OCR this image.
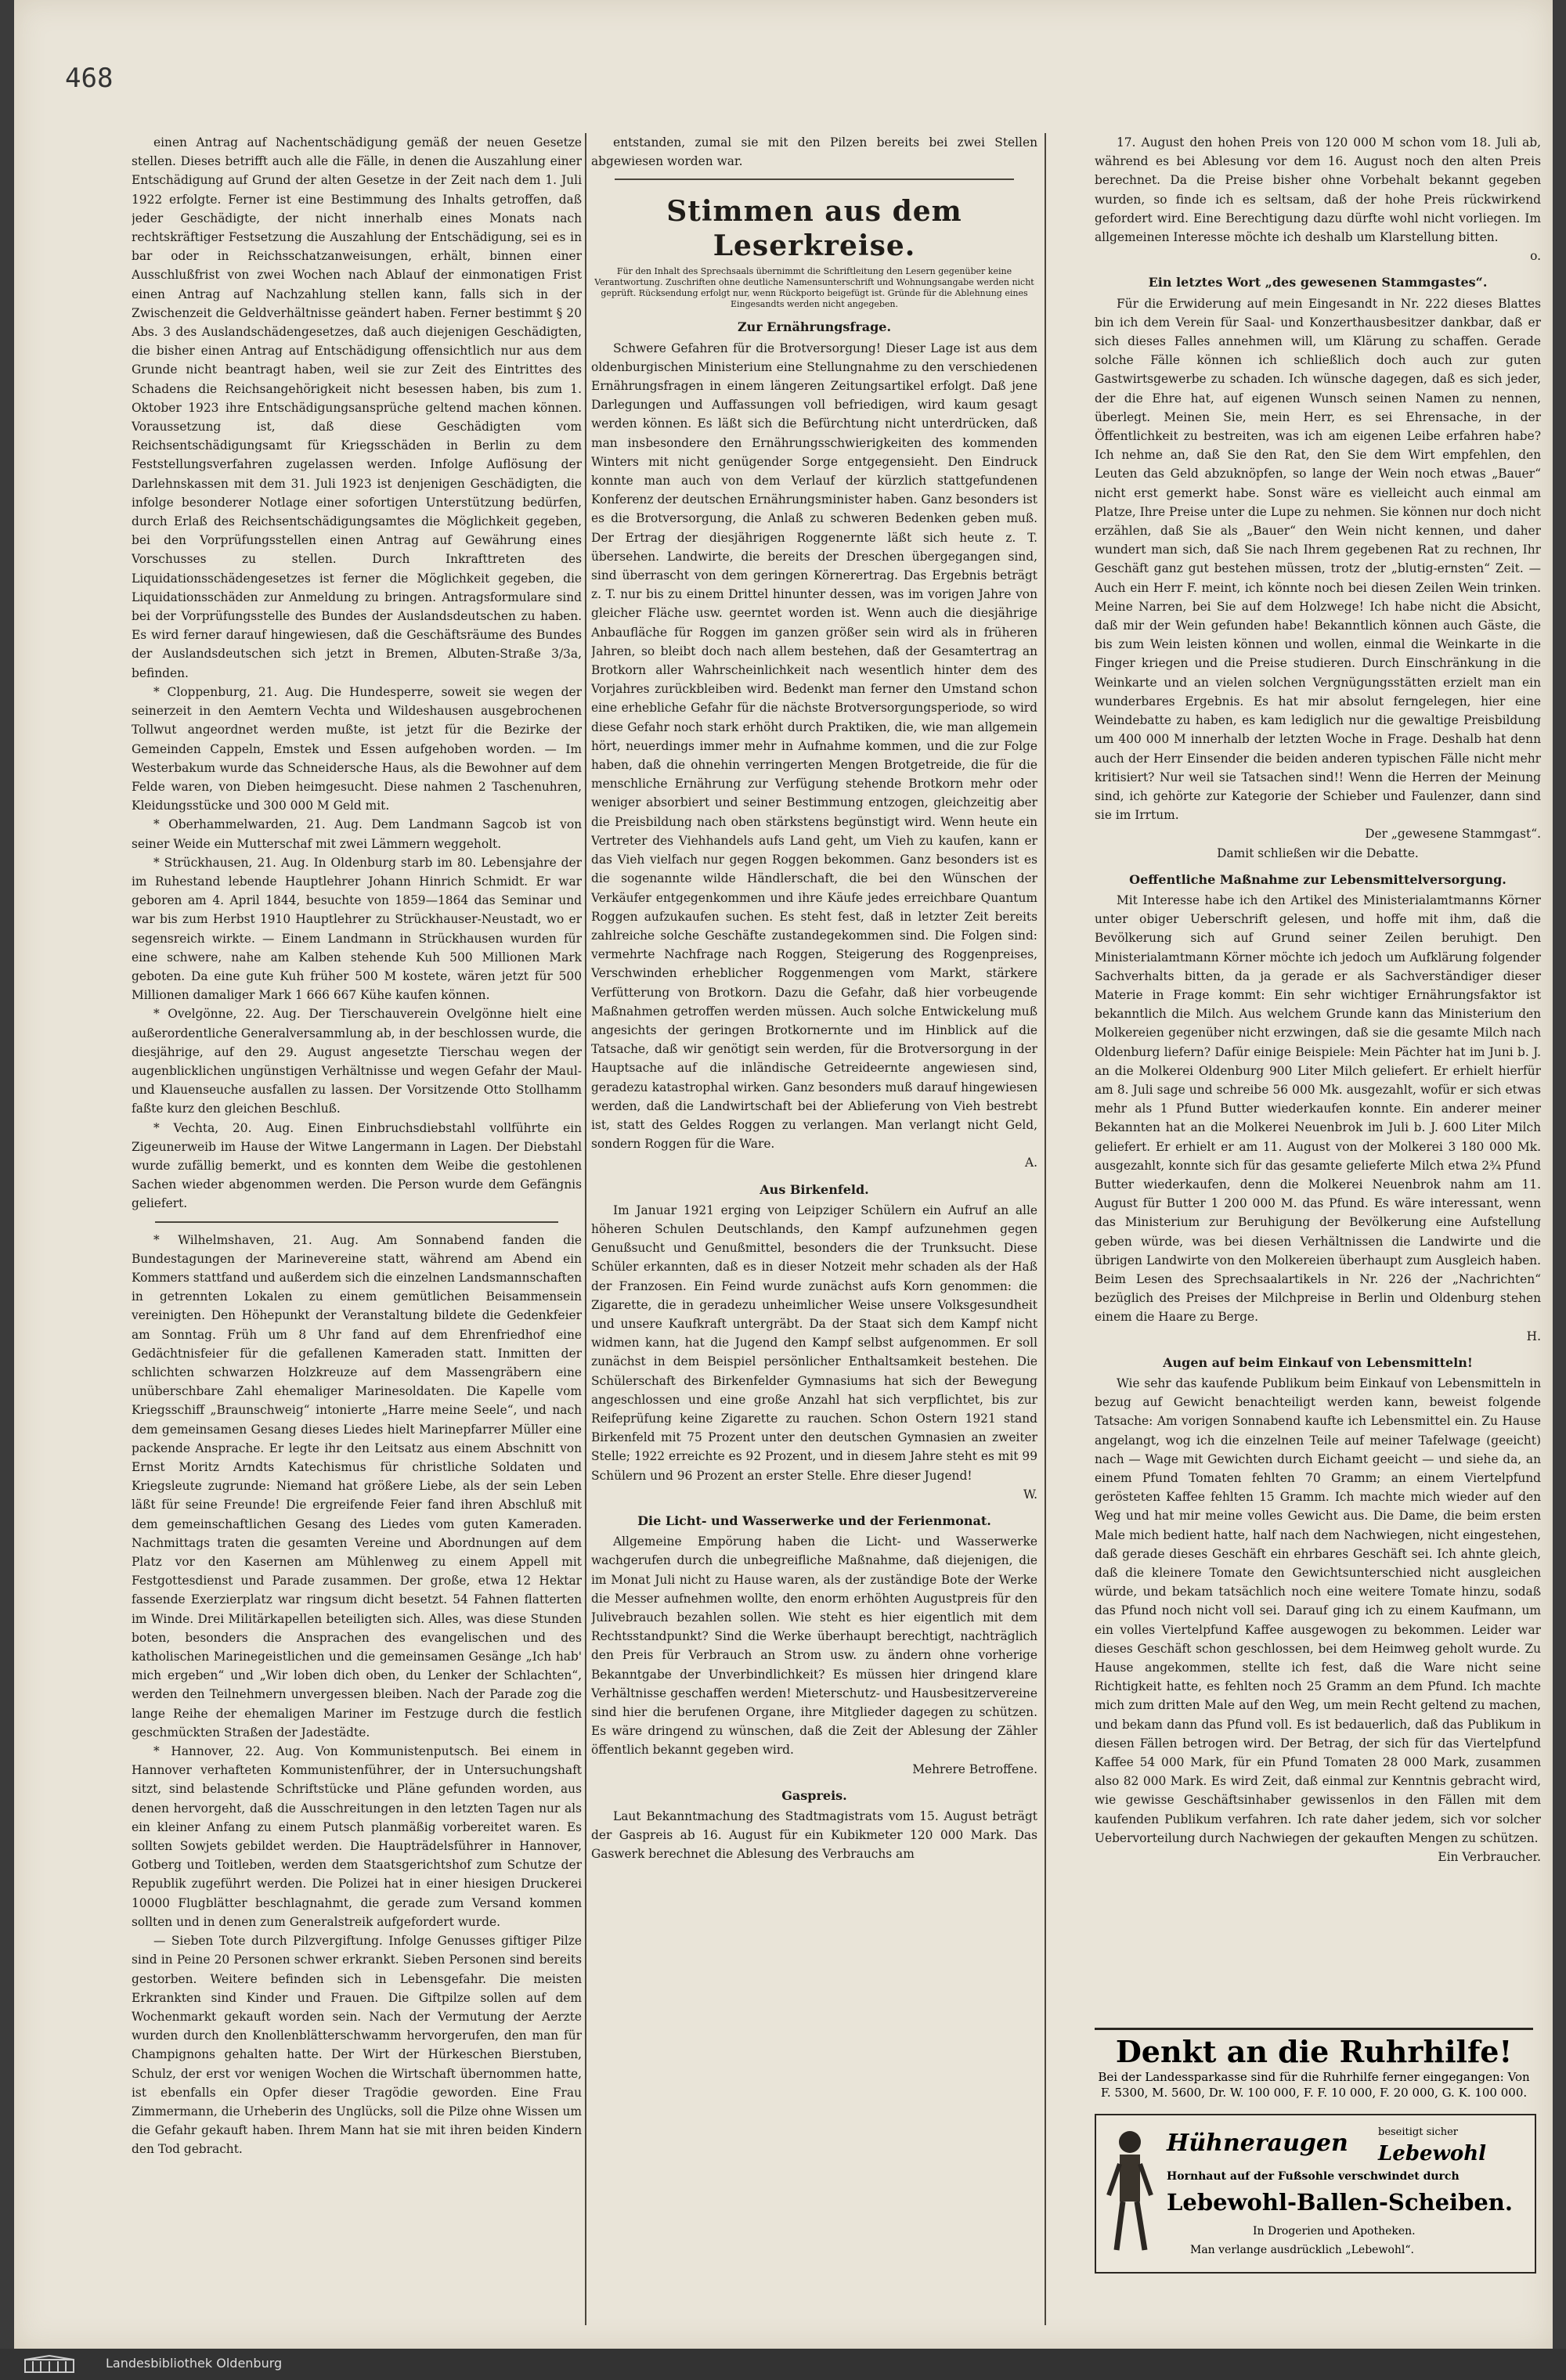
468

einen Antrag auf Nachentschädigung gemäß der neuen Gesetze stellen. Dieses betrifft auch alle die Fälle, in denen die Auszahlung einer Entschädigung auf Grund der alten Gesetze in der Zeit nach dem 1. Juli 1922 erfolgte. Ferner ist eine Bestimmung des Inhalts getroffen, daß jeder Geschädigte, der nicht innerhalb eines Monats nach rechtskräftiger Festsetzung die Auszahlung der Entschädigung, sei es in bar oder in Reichsschatzanweisungen, erhält, binnen einer Ausschlußfrist von zwei Wochen nach Ablauf der einmonatigen Frist einen Antrag auf Nachzahlung stellen kann, falls sich in der Zwischenzeit die Geldverhältnisse geändert haben. Ferner bestimmt § 20 Abs. 3 des Auslandschädengesetzes, daß auch diejenigen Geschädigten, die bisher einen Antrag auf Entschädigung offensichtlich nur aus dem Grunde nicht beantragt haben, weil sie zur Zeit des Eintrittes des Schadens die Reichsangehörigkeit nicht besessen haben, bis zum 1. Oktober 1923 ihre Entschädigungsansprüche geltend machen können. Voraussetzung ist, daß diese Geschädigten vom Reichsentschädigungsamt für Kriegsschäden in Berlin zu dem Feststellungsverfahren zugelassen werden. Infolge Auflösung der Darlehnskassen mit dem 31. Juli 1923 ist denjenigen Geschädigten, die infolge besonderer Notlage einer sofortigen Unterstützung bedürfen, durch Erlaß des Reichsentschädigungsamtes die Möglichkeit gegeben, bei den Vorprüfungsstellen einen Antrag auf Gewährung eines Vorschusses zu stellen. Durch Inkrafttreten des Liquidationsschädengesetzes ist ferner die Möglichkeit gegeben, die Liquidationsschäden zur Anmeldung zu bringen. Antragsformulare sind bei der Vorprüfungsstelle des Bundes der Auslandsdeutschen zu haben. Es wird ferner darauf hingewiesen, daß die Geschäftsräume des Bundes der Auslandsdeutschen sich jetzt in Bremen, Albuten-Straße 3/3a, befinden.

* Cloppenburg, 21. Aug. Die Hundesperre, soweit sie wegen der seinerzeit in den Aemtern Vechta und Wildeshausen ausgebrochenen Tollwut angeordnet werden mußte, ist jetzt für die Bezirke der Gemeinden Cappeln, Emstek und Essen aufgehoben worden. — Im Westerbakum wurde das Schneidersche Haus, als die Bewohner auf dem Felde waren, von Dieben heimgesucht. Diese nahmen 2 Taschenuhren, Kleidungsstücke und 300 000 M Geld mit.

* Oberhammelwarden, 21. Aug. Dem Landmann Sagcob ist von seiner Weide ein Mutterschaf mit zwei Lämmern weggeholt.

* Strückhausen, 21. Aug. In Oldenburg starb im 80. Lebensjahre der im Ruhestand lebende Hauptlehrer Johann Hinrich Schmidt. Er war geboren am 4. April 1844, besuchte von 1859—1864 das Seminar und war bis zum Herbst 1910 Hauptlehrer zu Strückhauser-Neustadt, wo er segensreich wirkte. — Einem Landmann in Strückhausen wurden für eine schwere, nahe am Kalben stehende Kuh 500 Millionen Mark geboten. Da eine gute Kuh früher 500 M kostete, wären jetzt für 500 Millionen damaliger Mark 1 666 667 Kühe kaufen können.

* Ovelgönne, 22. Aug. Der Tierschauverein Ovelgönne hielt eine außerordentliche Generalversammlung ab, in der beschlossen wurde, die diesjährige, auf den 29. August angesetzte Tierschau wegen der augenblicklichen ungünstigen Verhältnisse und wegen Gefahr der Maul- und Klauenseuche ausfallen zu lassen. Der Vorsitzende Otto Stollhamm faßte kurz den gleichen Beschluß.

* Vechta, 20. Aug. Einen Einbruchsdiebstahl vollführte ein Zigeunerweib im Hause der Witwe Langermann in Lagen. Der Diebstahl wurde zufällig bemerkt, und es konnten dem Weibe die gestohlenen Sachen wieder abgenommen werden. Die Person wurde dem Gefängnis geliefert.

* Wilhelmshaven, 21. Aug. Am Sonnabend fanden die Bundestagungen der Marinevereine statt, während am Abend ein Kommers stattfand und außerdem sich die einzelnen Landsmannschaften in getrennten Lokalen zu einem gemütlichen Beisammensein vereinigten. Den Höhepunkt der Veranstaltung bildete die Gedenkfeier am Sonntag. Früh um 8 Uhr fand auf dem Ehrenfriedhof eine Gedächtnisfeier für die gefallenen Kameraden statt. Inmitten der schlichten schwarzen Holzkreuze auf dem Massengräbern eine unüberschbare Zahl ehemaliger Marinesoldaten. Die Kapelle vom Kriegsschiff „Braunschweig“ intonierte „Harre meine Seele“, und nach dem gemeinsamen Gesang dieses Liedes hielt Marinepfarrer Müller eine packende Ansprache. Er legte ihr den Leitsatz aus einem Abschnitt von Ernst Moritz Arndts Katechismus für christliche Soldaten und Kriegsleute zugrunde: Niemand hat größere Liebe, als der sein Leben läßt für seine Freunde! Die ergreifende Feier fand ihren Abschluß mit dem gemeinschaftlichen Gesang des Liedes vom guten Kameraden. Nachmittags traten die gesamten Vereine und Abordnungen auf dem Platz vor den Kasernen am Mühlenweg zu einem Appell mit Festgottesdienst und Parade zusammen. Der große, etwa 12 Hektar fassende Exerzierplatz war ringsum dicht besetzt. 54 Fahnen flatterten im Winde. Drei Militärkapellen beteiligten sich. Alles, was diese Stunden boten, besonders die Ansprachen des evangelischen und des katholischen Marinegeistlichen und die gemeinsamen Gesänge „Ich hab' mich ergeben“ und „Wir loben dich oben, du Lenker der Schlachten“, werden den Teilnehmern unvergessen bleiben. Nach der Parade zog die lange Reihe der ehemaligen Mariner im Festzuge durch die festlich geschmückten Straßen der Jadestädte.

* Hannover, 22. Aug. Von Kommunistenputsch. Bei einem in Hannover verhafteten Kommunistenführer, der in Untersuchungshaft sitzt, sind belastende Schriftstücke und Pläne gefunden worden, aus denen hervorgeht, daß die Ausschreitungen in den letzten Tagen nur als ein kleiner Anfang zu einem Putsch planmäßig vorbereitet waren. Es sollten Sowjets gebildet werden. Die Haupträdelsführer in Hannover, Gotberg und Toitleben, werden dem Staatsgerichtshof zum Schutze der Republik zugeführt werden. Die Polizei hat in einer hiesigen Druckerei 10000 Flugblätter beschlagnahmt, die gerade zum Versand kommen sollten und in denen zum Generalstreik aufgefordert wurde.

— Sieben Tote durch Pilzvergiftung. Infolge Genusses giftiger Pilze sind in Peine 20 Personen schwer erkrankt. Sieben Personen sind bereits gestorben. Weitere befinden sich in Lebensgefahr. Die meisten Erkrankten sind Kinder und Frauen. Die Giftpilze sollen auf dem Wochenmarkt gekauft worden sein. Nach der Vermutung der Aerzte wurden durch den Knollenblätterschwamm hervorgerufen, den man für Champignons gehalten hatte. Der Wirt der Hürkeschen Bierstuben, Schulz, der erst vor wenigen Wochen die Wirtschaft übernommen hatte, ist ebenfalls ein Opfer dieser Tragödie geworden. Eine Frau Zimmermann, die Urheberin des Unglücks, soll die Pilze ohne Wissen um die Gefahr gekauft haben. Ihrem Mann hat sie mit ihren beiden Kindern den Tod gebracht.

entstanden, zumal sie mit den Pilzen bereits bei zwei Stellen abgewiesen worden war.

Stimmen aus dem Leserkreise.
Für den Inhalt des Sprechsaals übernimmt die Schriftleitung den Lesern gegenüber keine Verantwortung. Zuschriften ohne deutliche Namensunterschrift und Wohnungsangabe werden nicht geprüft. Rücksendung erfolgt nur, wenn Rückporto beigefügt ist. Gründe für die Ablehnung eines Eingesandts werden nicht angegeben.
Zur Ernährungsfrage.

Schwere Gefahren für die Brotversorgung! Dieser Lage ist aus dem oldenburgischen Ministerium eine Stellungnahme zu den verschiedenen Ernährungsfragen in einem längeren Zeitungsartikel erfolgt. Daß jene Darlegungen und Auffassungen voll befriedigen, wird kaum gesagt werden können. Es läßt sich die Befürchtung nicht unterdrücken, daß man insbesondere den Ernährungsschwierigkeiten des kommenden Winters mit nicht genügender Sorge entgegensieht. Den Eindruck konnte man auch von dem Verlauf der kürzlich stattgefundenen Konferenz der deutschen Ernährungsminister haben. Ganz besonders ist es die Brotversorgung, die Anlaß zu schweren Bedenken geben muß. Der Ertrag der diesjährigen Roggenernte läßt sich heute z. T. übersehen. Landwirte, die bereits der Dreschen übergegangen sind, sind überrascht von dem geringen Körnerertrag. Das Ergebnis beträgt z. T. nur bis zu einem Drittel hinunter dessen, was im vorigen Jahre von gleicher Fläche usw. geerntet worden ist. Wenn auch die diesjährige Anbaufläche für Roggen im ganzen größer sein wird als in früheren Jahren, so bleibt doch nach allem bestehen, daß der Gesamtertrag an Brotkorn aller Wahrscheinlichkeit nach wesentlich hinter dem des Vorjahres zurückbleiben wird. Bedenkt man ferner den Umstand schon eine erhebliche Gefahr für die nächste Brotversorgungsperiode, so wird diese Gefahr noch stark erhöht durch Praktiken, die, wie man allgemein hört, neuerdings immer mehr in Aufnahme kommen, und die zur Folge haben, daß die ohnehin verringerten Mengen Brotgetreide, die für die menschliche Ernährung zur Verfügung stehende Brotkorn mehr oder weniger absorbiert und seiner Bestimmung entzogen, gleichzeitig aber die Preisbildung nach oben stärkstens begünstigt wird. Wenn heute ein Vertreter des Viehhandels aufs Land geht, um Vieh zu kaufen, kann er das Vieh vielfach nur gegen Roggen bekommen. Ganz besonders ist es die sogenannte wilde Händlerschaft, die bei den Wünschen der Verkäufer entgegenkommen und ihre Käufe jedes erreichbare Quantum Roggen aufzukaufen suchen. Es steht fest, daß in letzter Zeit bereits zahlreiche solche Geschäfte zustandegekommen sind. Die Folgen sind: vermehrte Nachfrage nach Roggen, Steigerung des Roggenpreises, Verschwinden erheblicher Roggenmengen vom Markt, stärkere Verfütterung von Brotkorn. Dazu die Gefahr, daß hier vorbeugende Maßnahmen getroffen werden müssen. Auch solche Entwickelung muß angesichts der geringen Brotkornernte und im Hinblick auf die Tatsache, daß wir genötigt sein werden, für die Brotversorgung in der Hauptsache auf die inländische Getreideernte angewiesen sind, geradezu katastrophal wirken. Ganz besonders muß darauf hingewiesen werden, daß die Landwirtschaft bei der Ablieferung von Vieh bestrebt ist, statt des Geldes Roggen zu verlangen. Man verlangt nicht Geld, sondern Roggen für die Ware.

A.
Aus Birkenfeld.

Im Januar 1921 erging von Leipziger Schülern ein Aufruf an alle höheren Schulen Deutschlands, den Kampf aufzunehmen gegen Genußsucht und Genußmittel, besonders die der Trunksucht. Diese Schüler erkannten, daß es in dieser Notzeit mehr schaden als der Haß der Franzosen. Ein Feind wurde zunächst aufs Korn genommen: die Zigarette, die in geradezu unheimlicher Weise unsere Volksgesundheit und unsere Kaufkraft untergräbt. Da der Staat sich dem Kampf nicht widmen kann, hat die Jugend den Kampf selbst aufgenommen. Er soll zunächst in dem Beispiel persönlicher Enthaltsamkeit bestehen. Die Schülerschaft des Birkenfelder Gymnasiums hat sich der Bewegung angeschlossen und eine große Anzahl hat sich verpflichtet, bis zur Reifeprüfung keine Zigarette zu rauchen. Schon Ostern 1921 stand Birkenfeld mit 75 Prozent unter den deutschen Gymnasien an zweiter Stelle; 1922 erreichte es 92 Prozent, und in diesem Jahre steht es mit 99 Schülern und 96 Prozent an erster Stelle. Ehre dieser Jugend!

W.
Die Licht- und Wasserwerke und der Ferienmonat.

Allgemeine Empörung haben die Licht- und Wasserwerke wachgerufen durch die unbegreifliche Maßnahme, daß diejenigen, die im Monat Juli nicht zu Hause waren, als der zuständige Bote der Werke die Messer aufnehmen wollte, den enorm erhöhten Augustpreis für den Julivebrauch bezahlen sollen. Wie steht es hier eigentlich mit dem Rechtsstandpunkt? Sind die Werke überhaupt berechtigt, nachträglich den Preis für Verbrauch an Strom usw. zu ändern ohne vorherige Bekanntgabe der Unverbindlichkeit? Es müssen hier dringend klare Verhältnisse geschaffen werden! Mieterschutz- und Hausbesitzervereine sind hier die berufenen Organe, ihre Mitglieder dagegen zu schützen. Es wäre dringend zu wünschen, daß die Zeit der Ablesung der Zähler öffentlich bekannt gegeben wird.

Mehrere Betroffene.
Gaspreis.

Laut Bekanntmachung des Stadtmagistrats vom 15. August beträgt der Gaspreis ab 16. August für ein Kubikmeter 120 000 Mark. Das Gaswerk berechnet die Ablesung des Verbrauchs am

17. August den hohen Preis von 120 000 M schon vom 18. Juli ab, während es bei Ablesung vor dem 16. August noch den alten Preis berechnet. Da die Preise bisher ohne Vorbehalt bekannt gegeben wurden, so finde ich es seltsam, daß der hohe Preis rückwirkend gefordert wird. Eine Berechtigung dazu dürfte wohl nicht vorliegen. Im allgemeinen Interesse möchte ich deshalb um Klarstellung bitten.

o.
Ein letztes Wort „des gewesenen Stammgastes“.

Für die Erwiderung auf mein Eingesandt in Nr. 222 dieses Blattes bin ich dem Verein für Saal- und Konzerthausbesitzer dankbar, daß er sich dieses Falles annehmen will, um Klärung zu schaffen. Gerade solche Fälle können ich schließlich doch auch zur guten Gastwirtsgewerbe zu schaden. Ich wünsche dagegen, daß es sich jeder, der die Ehre hat, auf eigenen Wunsch seinen Namen zu nennen, überlegt. Meinen Sie, mein Herr, es sei Ehrensache, in der Öffentlichkeit zu bestreiten, was ich am eigenen Leibe erfahren habe? Ich nehme an, daß Sie den Rat, den Sie dem Wirt empfehlen, den Leuten das Geld abzuknöpfen, so lange der Wein noch etwas „Bauer“ nicht erst gemerkt habe. Sonst wäre es vielleicht auch einmal am Platze, Ihre Preise unter die Lupe zu nehmen. Sie können nur doch nicht erzählen, daß Sie als „Bauer“ den Wein nicht kennen, und daher wundert man sich, daß Sie nach Ihrem gegebenen Rat zu rechnen, Ihr Geschäft ganz gut bestehen müssen, trotz der „blutig-ernsten“ Zeit. — Auch ein Herr F. meint, ich könnte noch bei diesen Zeilen Wein trinken. Meine Narren, bei Sie auf dem Holzwege! Ich habe nicht die Absicht, daß mir der Wein gefunden habe! Bekanntlich können auch Gäste, die bis zum Wein leisten können und wollen, einmal die Weinkarte in die Finger kriegen und die Preise studieren. Durch Einschränkung in die Weinkarte und an vielen solchen Vergnügungsstätten erzielt man ein wunderbares Ergebnis. Es hat mir absolut ferngelegen, hier eine Weindebatte zu haben, es kam lediglich nur die gewaltige Preisbildung um 400 000 M innerhalb der letzten Woche in Frage. Deshalb hat denn auch der Herr Einsender die beiden anderen typischen Fälle nicht mehr kritisiert? Nur weil sie Tatsachen sind!! Wenn die Herren der Meinung sind, ich gehörte zur Kategorie der Schieber und Faulenzer, dann sind sie im Irrtum.

Der „gewesene Stammgast“.
Damit schließen wir die Debatte.
Oeffentliche Maßnahme zur Lebensmittelversorgung.

Mit Interesse habe ich den Artikel des Ministerialamtmanns Körner unter obiger Ueberschrift gelesen, und hoffe mit ihm, daß die Bevölkerung sich auf Grund seiner Zeilen beruhigt. Den Ministerialamtmann Körner möchte ich jedoch um Aufklärung folgender Sachverhalts bitten, da ja gerade er als Sachverständiger dieser Materie in Frage kommt: Ein sehr wichtiger Ernährungsfaktor ist bekanntlich die Milch. Aus welchem Grunde kann das Ministerium den Molkereien gegenüber nicht erzwingen, daß sie die gesamte Milch nach Oldenburg liefern? Dafür einige Beispiele: Mein Pächter hat im Juni b. J. an die Molkerei Oldenburg 900 Liter Milch geliefert. Er erhielt hierfür am 8. Juli sage und schreibe 56 000 Mk. ausgezahlt, wofür er sich etwas mehr als 1 Pfund Butter wiederkaufen konnte. Ein anderer meiner Bekannten hat an die Molkerei Neuenbrok im Juli b. J. 600 Liter Milch geliefert. Er erhielt er am 11. August von der Molkerei 3 180 000 Mk. ausgezahlt, konnte sich für das gesamte gelieferte Milch etwa 2¾ Pfund Butter wiederkaufen, denn die Molkerei Neuenbrok nahm am 11. August für Butter 1 200 000 M. das Pfund. Es wäre interessant, wenn das Ministerium zur Beruhigung der Bevölkerung eine Aufstellung geben würde, was bei diesen Verhältnissen die Landwirte und die übrigen Landwirte von den Molkereien überhaupt zum Ausgleich haben. Beim Lesen des Sprechsaalartikels in Nr. 226 der „Nachrichten“ bezüglich des Preises der Milchpreise in Berlin und Oldenburg stehen einem die Haare zu Berge.

H.
Augen auf beim Einkauf von Lebensmitteln!

Wie sehr das kaufende Publikum beim Einkauf von Lebensmitteln in bezug auf Gewicht benachteiligt werden kann, beweist folgende Tatsache: Am vorigen Sonnabend kaufte ich Lebensmittel ein. Zu Hause angelangt, wog ich die einzelnen Teile auf meiner Tafelwage (geeicht) nach — Wage mit Gewichten durch Eichamt geeicht — und siehe da, an einem Pfund Tomaten fehlten 70 Gramm; an einem Viertelpfund gerösteten Kaffee fehlten 15 Gramm. Ich machte mich wieder auf den Weg und hat mir meine volles Gewicht aus. Die Dame, die beim ersten Male mich bedient hatte, half nach dem Nachwiegen, nicht eingestehen, daß gerade dieses Geschäft ein ehrbares Geschäft sei. Ich ahnte gleich, daß die kleinere Tomate den Gewichtsunterschied nicht ausgleichen würde, und bekam tatsächlich noch eine weitere Tomate hinzu, sodaß das Pfund noch nicht voll sei. Darauf ging ich zu einem Kaufmann, um ein volles Viertelpfund Kaffee ausgewogen zu bekommen. Leider war dieses Geschäft schon geschlossen, bei dem Heimweg geholt wurde. Zu Hause angekommen, stellte ich fest, daß die Ware nicht seine Richtigkeit hatte, es fehlten noch 25 Gramm an dem Pfund. Ich machte mich zum dritten Male auf den Weg, um mein Recht geltend zu machen, und bekam dann das Pfund voll. Es ist bedauerlich, daß das Publikum in diesen Fällen betrogen wird. Der Betrag, der sich für das Viertelpfund Kaffee 54 000 Mark, für ein Pfund Tomaten 28 000 Mark, zusammen also 82 000 Mark. Es wird Zeit, daß einmal zur Kenntnis gebracht wird, wie gewisse Geschäftsinhaber gewissenlos in den Fällen mit dem kaufenden Publikum verfahren. Ich rate daher jedem, sich vor solcher Uebervorteilung durch Nachwiegen der gekauften Mengen zu schützen.

Ein Verbraucher.
Denkt an die Ruhrhilfe!
Bei der Landessparkasse sind für die Ruhrhilfe ferner eingegangen: Von F. 5300, M. 5600, Dr. W. 100 000, F. F. 10 000, F. 20 000, G. K. 100 000.
Hühneraugen	beseitigt sicher
Lebewohl
Hornhaut auf der Fußsohle verschwindet durch
Lebewohl-Ballen-Scheiben.
In Drogerien und Apotheken.
Man verlange ausdrücklich „Lebewohl“.
Landesbibliothek Oldenburg
